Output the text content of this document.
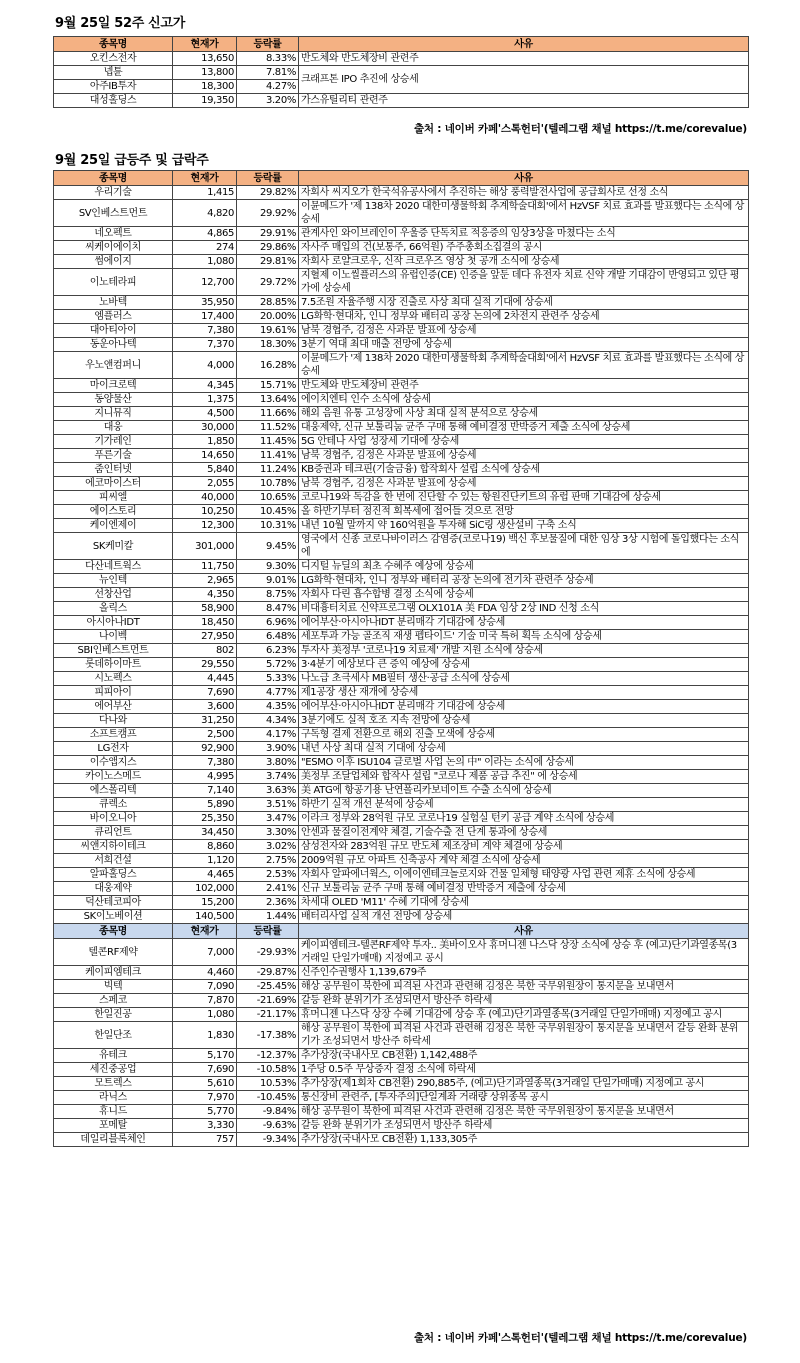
9월 25일 52주 신고가
종목명	현재가	등락률	사유
오킨스전자	13,650	8.33%	반도체와 반도체장비 관련주
넵튠	13,800	7.81%	크래프톤 IPO 추진에 상승세
아주IB투자	18,300	4.27%	
대성홀딩스	19,350	3.20%	가스유틸리티 관련주
출처 : 네이버 카페'스톡헌터'(텔레그램 채널 https://t.me/corevalue)
9월 25일 급등주 및 급락주
종목명	현재가	등락률	사유
우리기술	1,415	29.82%	자회사 씨지오가 한국석유공사에서 추진하는 해상 풍력발전사업에 공급회사로 선정 소식
SV인베스트먼트	4,820	29.92%	이뮨메드가 '제 138차 2020 대한미생물학회 추계학술대회'에서 HzVSF 치료 효과를 발표했다는 소식에 상승세
네오펙트	4,865	29.91%	관계사인 와이브레인이 우울증 단독치료 적응증의 임상3상을 마쳤다는 소식
씨케이에이치	274	29.86%	자사주 매입의 건(보통주, 66억원) 주주총회소집결의 공시
썸에이지	1,080	29.81%	자회사 로얄크로우, 신작 크로우즈 영상 첫 공개 소식에 상승세
이노테라피	12,700	29.72%	지혈제 이노씰플러스의 유럽인증(CE) 인증을 앞둔 데다 유전자 치료 신약 개발 기대감이 반영되고 있단 평가에 상승세
노바텍	35,950	28.85%	7.5조원 자율주행 시장 진출로 사상 최대 실적 기대에 상승세
엠플러스	17,400	20.00%	LG화학·현대차, 인니 정부와 배터리 공장 논의에 2차전지 관련주 상승세
대아티아이	7,380	19.61%	남북 경협주, 김정은 사과문 발표에 상승세
동운아나텍	7,370	18.30%	3분기 역대 최대 매출 전망에 상승세
우노앤컴퍼니	4,000	16.28%	이뮨메드가 '제 138차 2020 대한미생물학회 추계학술대회'에서 HzVSF 치료 효과를 발표했다는 소식에 상승세
마이크로텍	4,345	15.71%	반도체와 반도체장비 관련주
동양물산	1,375	13.64%	에이치엔티 인수 소식에 상승세
지니뮤직	4,500	11.66%	해외 음원 유통 고성장에 사상 최대 실적 분석으로 상승세
대웅	30,000	11.52%	대웅제약, 신규 보툴리눔 균주 구매 통해 예비결정 반박증거 제출 소식에 상승세
기가레인	1,850	11.45%	5G 안테나 사업 성장세 기대에 상승세
푸른기술	14,650	11.41%	남북 경협주, 김정은 사과문 발표에 상승세
줌인터넷	5,840	11.24%	KB증권과 테크핀(기술금융) 합작회사 설립 소식에 상승세
에코마이스터	2,055	10.78%	남북 경협주, 김정은 사과문 발표에 상승세
피씨엘	40,000	10.65%	코로나19와 독감을 한 번에 진단할 수 있는 항원진단키트의 유럽 판매 기대감에 상승세
에이스토리	10,250	10.45%	올 하반기부터 점진적 회복세에 접어들 것으로 전망
케이엔제이	12,300	10.31%	내년 10월 말까지 약 160억원을 투자해 SiC링 생산설비 구축 소식
SK케미칼	301,000	9.45%	영국에서 신종 코로나바이러스 감염증(코로나19) 백신 후보물질에 대한 임상 3상 시험에 돌입했다는 소식에
다산네트웍스	11,750	9.30%	디지털 뉴딜의 최초 수혜주 예상에 상승세
뉴인텍	2,965	9.01%	LG화학·현대차, 인니 정부와 배터리 공장 논의에 전기차 관련주 상승세
선창산업	4,350	8.75%	자회사 다린 흡수합병 결정 소식에 상승세
올릭스	58,900	8.47%	비대흉터치료 신약프로그램 OLX101A 美 FDA 임상 2상 IND 신청 소식
아시아나IDT	18,450	6.96%	에어부산·아시아나IDT 분리매각 기대감에 상승세
나이벡	27,950	6.48%	세포투과 가능 골조직 재생 펩타이드' 기술 미국 특허 획득 소식에 상승세
SBI인베스트먼트	802	6.23%	투자사 美정부 '코로나19 치료제' 개발 지원 소식에 상승세
롯데하이마트	29,550	5.72%	3·4분기 예상보다 큰 증익 예상에 상승세
시노펙스	4,445	5.33%	나노급 초극세사 MB필터 생산·공급 소식에 상승세
피피아이	7,690	4.77%	제1공장 생산 재개에 상승세
에어부산	3,600	4.35%	에어부산·아시아나IDT 분리매각 기대감에 상승세
다나와	31,250	4.34%	3분기에도 실적 호조 지속 전망에 상승세
소프트캠프	2,500	4.17%	구독형 결제 전환으로 해외 진출 모색에 상승세
LG전자	92,900	3.90%	내년 사상 최대 실적 기대에 상승세
이수앱지스	7,380	3.80%	"ESMO 이후 ISU104 글로벌 사업 논의 中" 이라는 소식에 상승세
카이노스메드	4,995	3.74%	美정부 조달업체와 합작사 설립 "코로나 제품 공급 추진" 에 상승세
에스폴리텍	7,140	3.63%	美 ATG에 항공기용 난연폴리카보네이트 수출 소식에 상승세
큐렉소	5,890	3.51%	하반기 실적 개선 분석에 상승세
바이오니아	25,350	3.47%	이라크 정부와 28억원 규모 코로나19 실험실 턴키 공급 계약 소식에 상승세
큐리언트	34,450	3.30%	안센과 물질이전계약 체결, 기술수출 전 단계 통과에 상승세
씨앤지하이테크	8,860	3.02%	삼성전자와 283억원 규모 반도체 제조장비 계약 체결에 상승세
서희건설	1,120	2.75%	2009억원 규모 아파트 신축공사 계약 체결 소식에 상승세
알파홀딩스	4,465	2.53%	자회사 알파에너웍스, 이에이엔테크놀로지와 건물 일체형 태양광 사업 관련 제휴 소식에 상승세
대웅제약	102,000	2.41%	신규 보툴리눔 균주 구매 통해 예비결정 반박증거 제출에 상승세
덕산테코피아	15,200	2.36%	차세대 OLED 'M11' 수혜 기대에 상승세
SK이노베이션	140,500	1.44%	배터리사업 실적 개선 전망에 상승세
종목명	현재가	등락률	사유
텔콘RF제약	7,000	-29.93%	케이피엠테크-텔콘RF제약 투자.. 美바이오사 휴머니젠 나스닥 상장 소식에 상승 후 (예고)단기과열종목(3거래일 단일가매매) 지정예고 공시
케이피엠테크	4,460	-29.87%	신주인수권행사 1,139,679주
빅텍	7,090	-25.45%	해상 공무원이 북한에 피격된 사건과 관련해 김정은 북한 국무위원장이 통지문을 보내면서
스페코	7,870	-21.69%	갈등 완화 분위기가 조성되면서 방산주 하락세
한일진공	1,080	-21.17%	휴머니젠 나스닥 상장 수혜 기대감에 상승 후 (예고)단기과열종목(3거래일 단일가매매) 지정예고 공시
한일단조	1,830	-17.38%	해상 공무원이 북한에 피격된 사건과 관련해 김정은 북한 국무위원장이 통지문을 보내면서 갈등 완화 분위기가 조성되면서 방산주 하락세
유테크	5,170	-12.37%	추가상장(국내사모 CB전환) 1,142,488주
세진중공업	7,690	-10.58%	1주당 0.5주 무상증자 결정 소식에 하락세
모트렉스	5,610	10.53%	추가상장(제1회차 CB전환) 290,885주, (예고)단기과열종목(3거래일 단일가매매) 지정예고 공시
라닉스	7,970	-10.45%	통신장비 관련주, [투자주의]단일계좌 거래량 상위종목 공시
휴니드	5,770	-9.84%	해상 공무원이 북한에 피격된 사건과 관련해 김정은 북한 국무위원장이 통지문을 보내면서
포메탈	3,330	-9.63%	갈등 완화 분위기가 조성되면서 방산주 하락세
데일리블록체인	757	-9.34%	추가상장(국내사모 CB전환) 1,133,305주
출처 : 네이버 카페'스톡헌터'(텔레그램 채널 https://t.me/corevalue)
